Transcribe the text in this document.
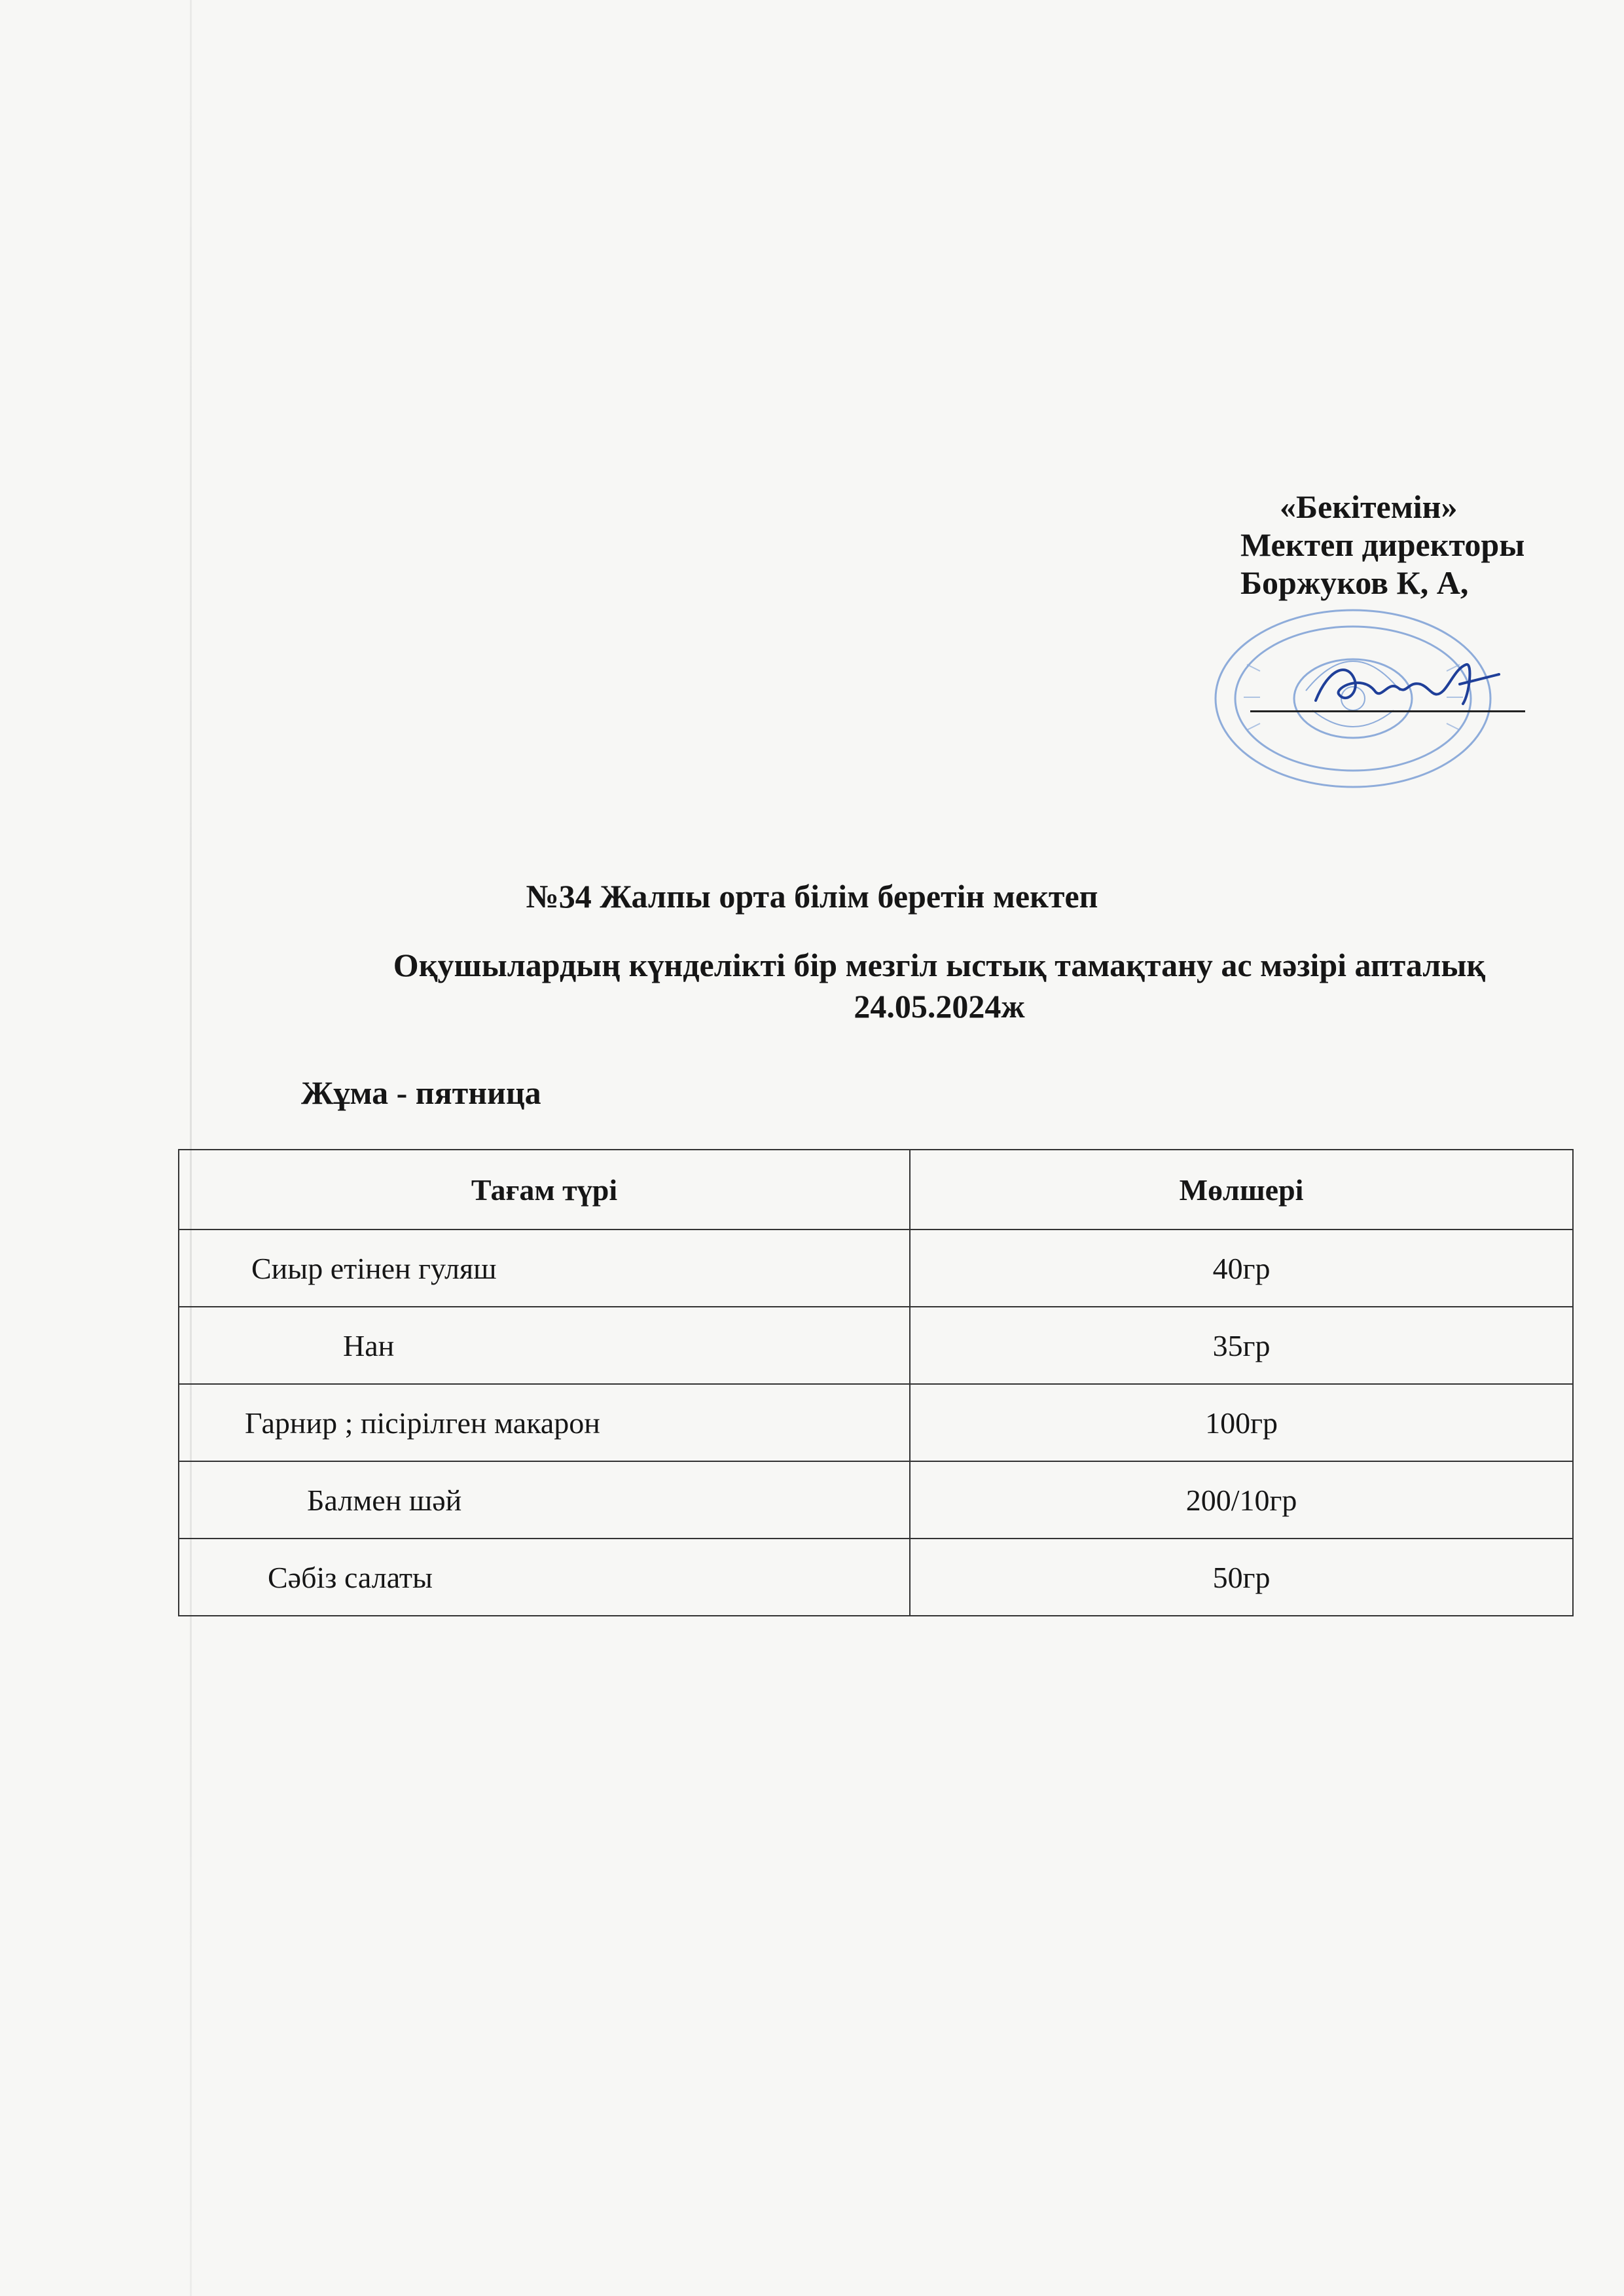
«Бекітемін»
Мектеп директоры
Боржуков К, А,
№34 Жалпы орта білім беретін мектеп
Оқушылардың күнделікті бір мезгіл ыстық тамақтану ас мәзірі апталық
24.05.2024ж
Жұма - пятница
Тағам түрі	Мөлшері
Сиыр етінен гуляш	40гр
Нан	35гр
Гарнир ; пісірілген макарон	100гр
Балмен шәй	200/10гр
Сәбіз салаты	50гр
